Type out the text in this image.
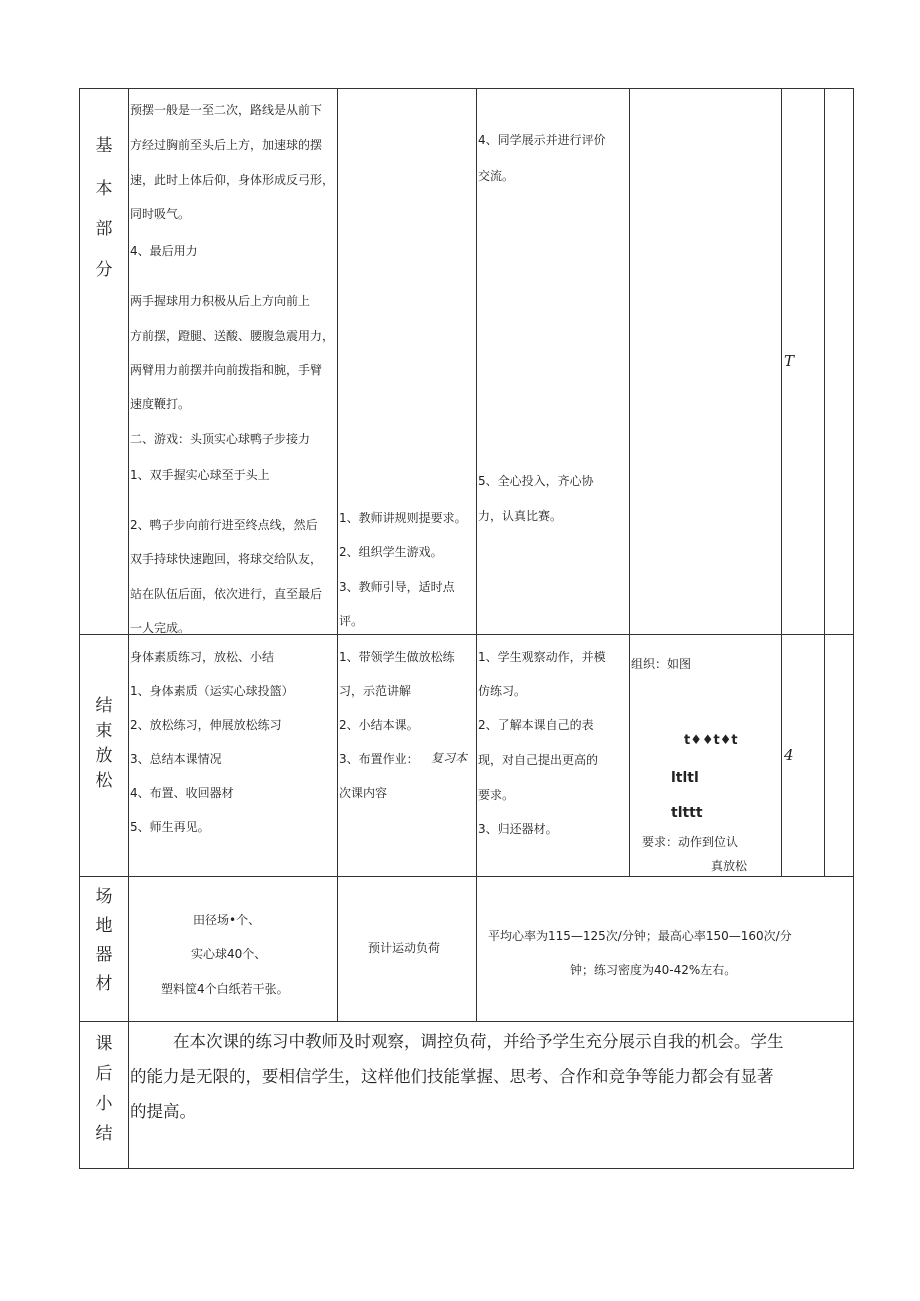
基
本
部
分
结
束
放
松
场
地
器
材
课
后
小
结
预摆一般是一至二次，路线是从前下
方经过胸前至头后上方，加速球的摆
速，此时上体后仰，身体形成反弓形，
同时吸气。
4、最后用力
两手握球用力积极从后上方向前上
方前摆，蹬腿、送酸、腰腹急震用力，
两臂用力前摆并向前拨指和腕，手臂
速度鞭打。
二、游戏：头顶实心球鸭子步接力
1、双手握实心球至于头上
2、鸭子步向前行进至终点线，然后
双手持球快速跑回，将球交给队友，
站在队伍后面，依次进行，直至最后
一人完成。
1、教师讲规则提要求。
2、组织学生游戏。
3、教师引导，适时点
评。
4、同学展示并进行评价
交流。
5、全心投入，齐心协
力，认真比赛。
T
身体素质练习，放松、小结
1、身体素质（运实心球投篮）
2、放松练习，伸展放松练习
3、总结本课情况
4、布置、收回器材
5、师生再见。
1、带领学生做放松练
习，示范讲解
2、小结本课。
3、布置作业： 复习本
次课内容
1、学生观察动作，并模
仿练习。
2、了解本课自己的表
现，对自己提出更高的
要求。
3、归还器材。
组织：如图
t♦♦t♦t
ltltl
tlttt
要求：动作到位认
真放松
4
田径场•个、
实心球40个、
塑料筐4个白纸若干张。
预计运动负荷
平均心率为115—125次/分钟；最高心率150—160次/分
钟；练习密度为40-42%左右。
在本次课的练习中教师及时观察，调控负荷，并给予学生充分展示自我的机会。学生
的能力是无限的，要相信学生，这样他们技能掌握、思考、合作和竞争等能力都会有显著
的提高。
